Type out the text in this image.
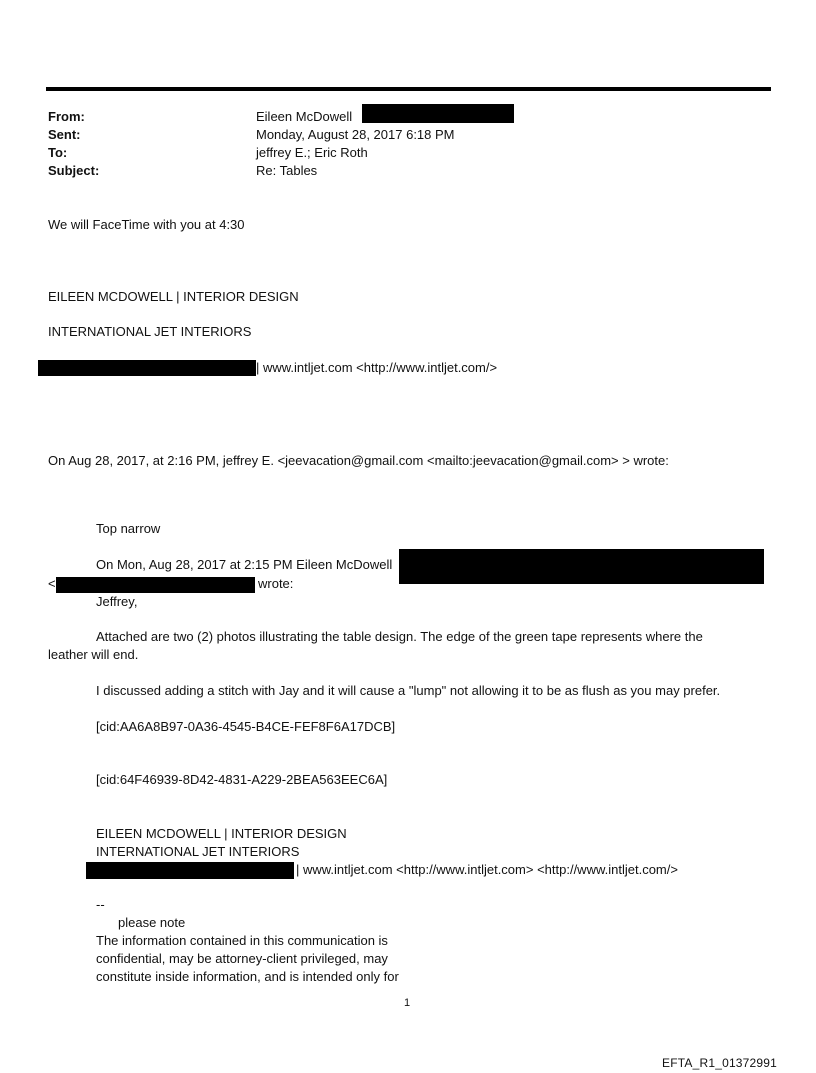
From:	Eileen McDowell
Sent:	Monday, August 28, 2017 6:18 PM
To:	jeffrey E.; Eric Roth
Subject:	Re: Tables
We will FaceTime with you at 4:30
EILEEN MCDOWELL | INTERIOR DESIGN
INTERNATIONAL JET INTERIORS
| www.intljet.com <http://www.intljet.com/>
On Aug 28, 2017, at 2:16 PM, jeffrey E. <jeevacation@gmail.com <mailto:jeevacation@gmail.com> > wrote:
Top narrow
On Mon, Aug 28, 2017 at 2:15 PM Eileen McDowell
<	wrote:
Jeffrey,
Attached are two (2) photos illustrating the table design. The edge of the green tape represents where the
leather will end.
I discussed adding a stitch with Jay and it will cause a "lump" not allowing it to be as flush as you may prefer.
[cid:AA6A8B97-0A36-4545-B4CE-FEF8F6A17DCB]
[cid:64F46939-8D42-4831-A229-2BEA563EEC6A]
EILEEN MCDOWELL | INTERIOR DESIGN
INTERNATIONAL JET INTERIORS
| www.intljet.com <http://www.intljet.com> <http://www.intljet.com/>
--
please note
The information contained in this communication is
confidential, may be attorney-client privileged, may
constitute inside information, and is intended only for
1
EFTA_R1_01372991
